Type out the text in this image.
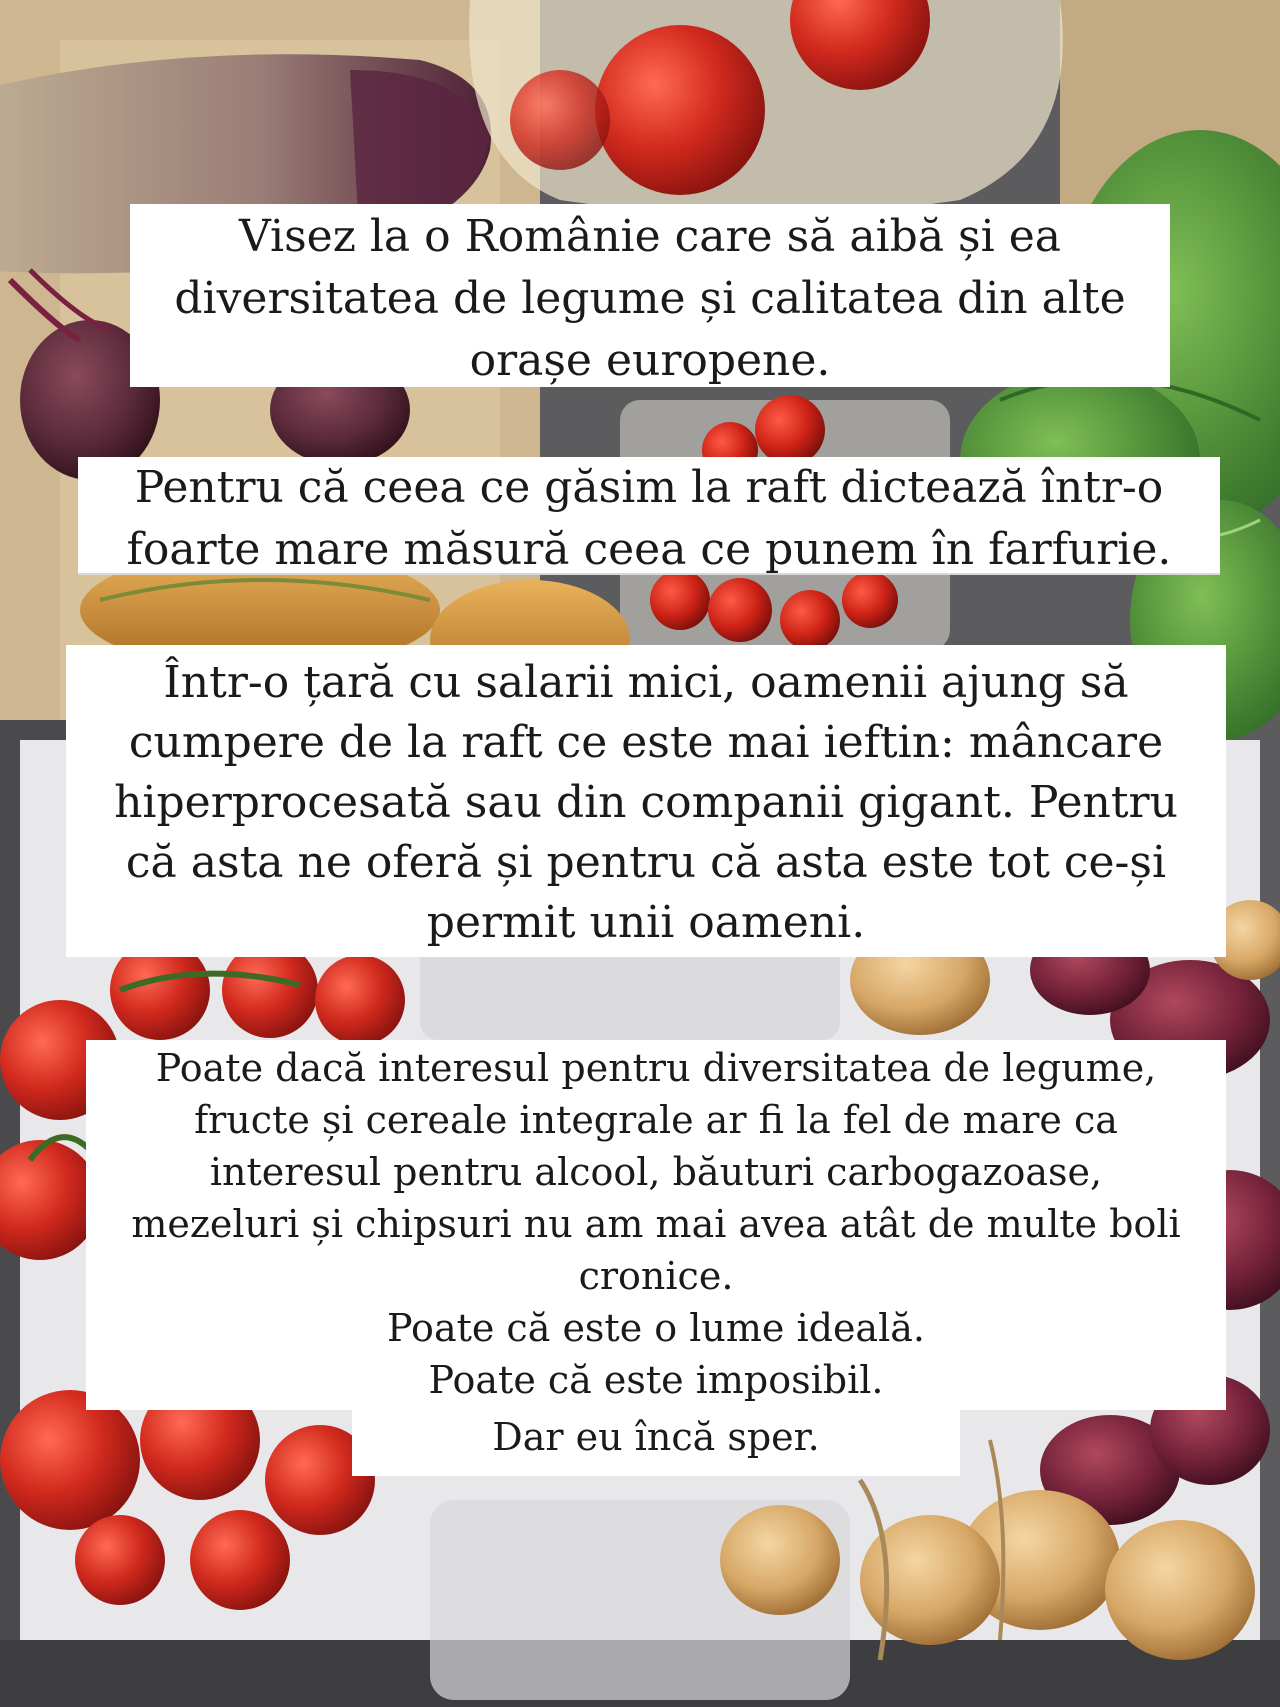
Visez la o Românie care să aibă și ea
diversitatea de legume și calitatea din alte
orașe europene.
Pentru că ceea ce găsim la raft dictează într-o
foarte mare măsură ceea ce punem în farfurie.
Într-o țară cu salarii mici, oamenii ajung să
cumpere de la raft ce este mai ieftin: mâncare
hiperprocesată sau din companii gigant. Pentru
că asta ne oferă și pentru că asta este tot ce-și
permit unii oameni.
Poate dacă interesul pentru diversitatea de legume,
fructe și cereale integrale ar fi la fel de mare ca
interesul pentru alcool, băuturi carbogazoase,
mezeluri și chipsuri nu am mai avea atât de multe boli
cronice.
Poate că este o lume ideală.
Poate că este imposibil.
Dar eu încă sper.
